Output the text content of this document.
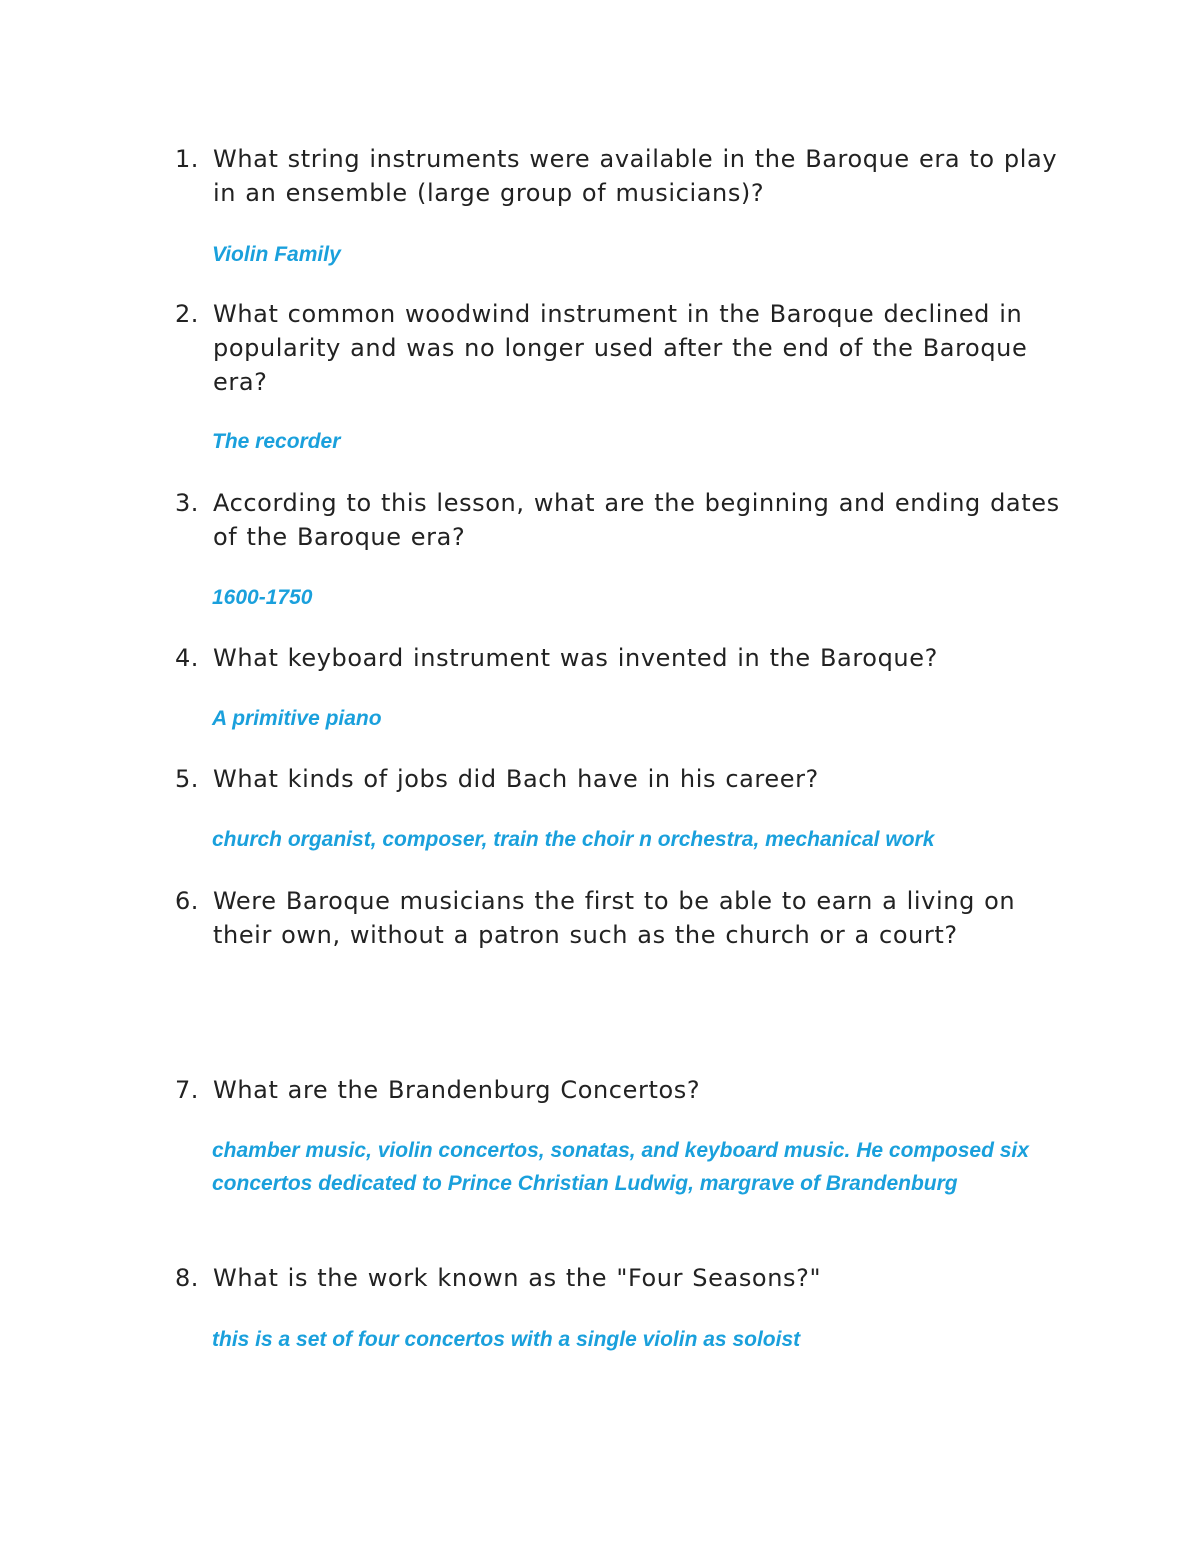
1. What string instruments were available in the Baroque era to play in an ensemble (large group of musicians)?

Violin Family

2. What common woodwind instrument in the Baroque declined in popularity and was no longer used after the end of the Baroque era?

The recorder

3. According to this lesson, what are the beginning and ending dates of the Baroque era?

1600-1750

4. What keyboard instrument was invented in the Baroque?

A primitive piano

5. What kinds of jobs did Bach have in his career?

church organist, composer, train the choir n orchestra, mechanical work

6. Were Baroque musicians the first to be able to earn a living on their own, without a patron such as the church or a court?
7. What are the Brandenburg Concertos?

chamber music, violin concertos, sonatas, and keyboard music. He composed six concertos dedicated to Prince Christian Ludwig, margrave of Brandenburg

8. What is the work known as the "Four Seasons?"

this is a set of four concertos with a single violin as soloist
